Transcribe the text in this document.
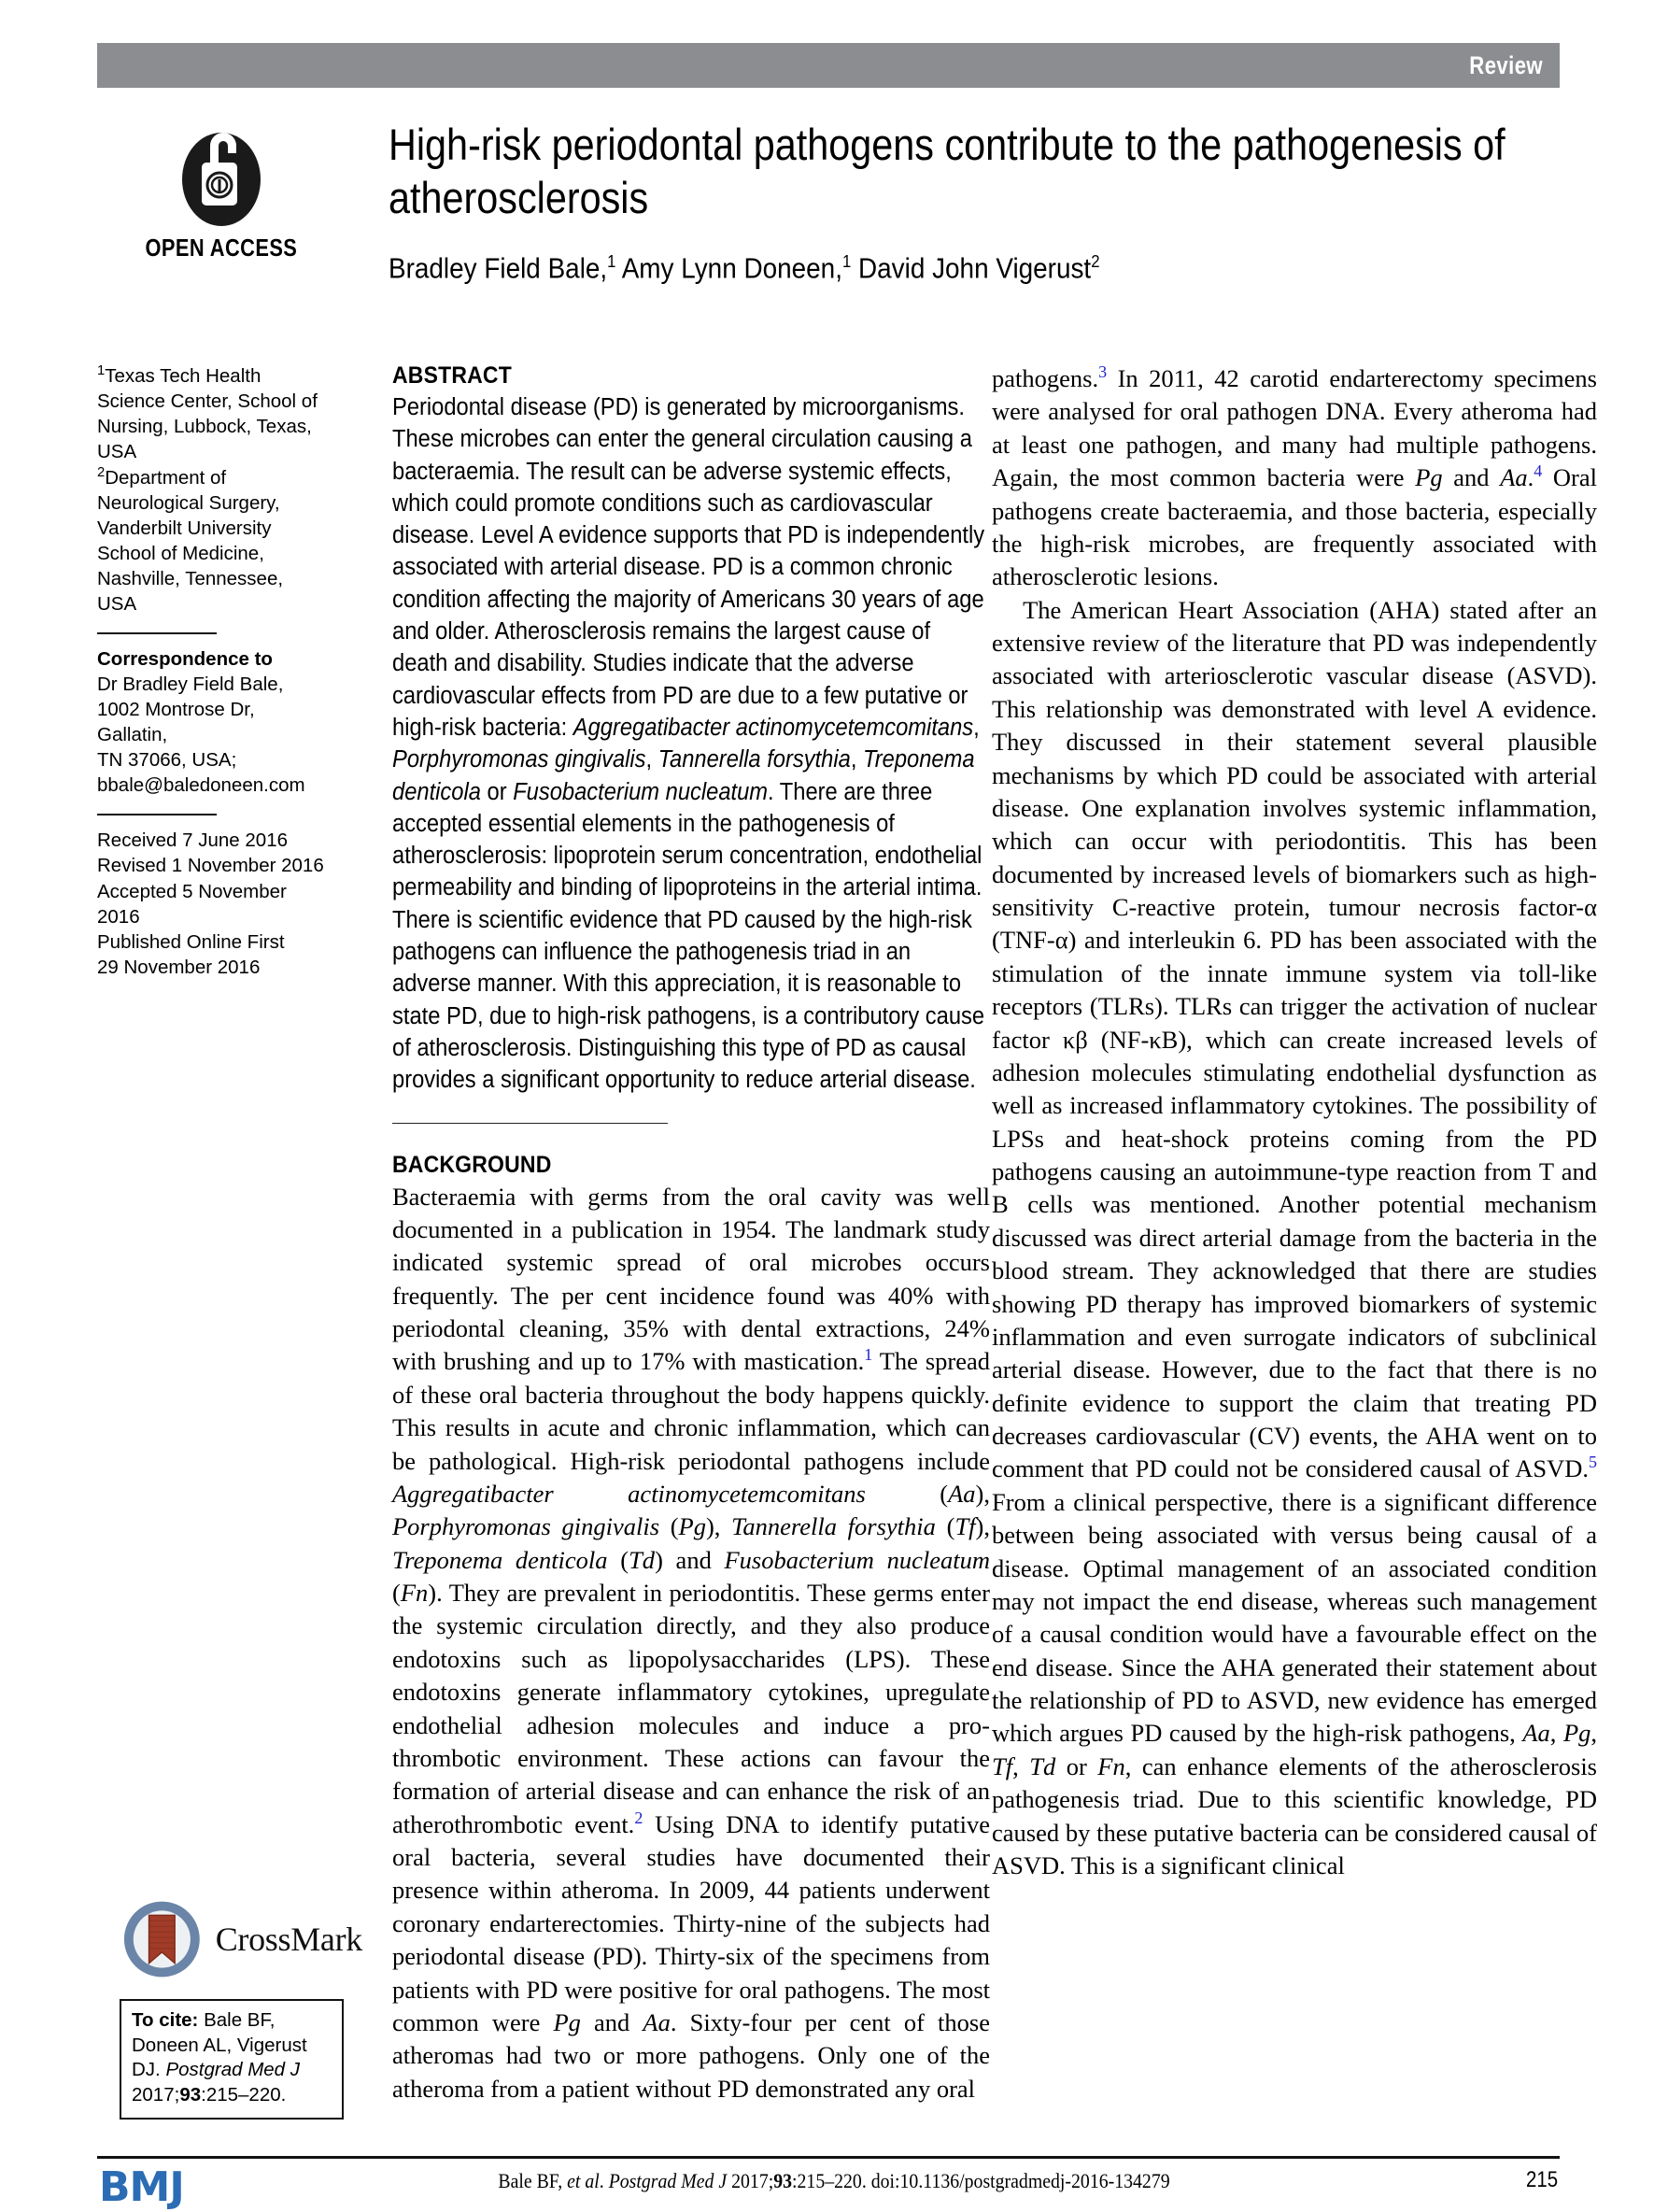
Review
OPEN ACCESS
High-risk periodontal pathogens contribute to the pathogenesis of atherosclerosis
Bradley Field Bale,$^1$ Amy Lynn Doneen,$^1$ David John Vigerust$^2$

$^1$Texas Tech Health Science Center, School of Nursing, Lubbock, Texas, USA
$^2$Department of Neurological Surgery, Vanderbilt University School of Medicine, Nashville, Tennessee, USA

Correspondence to

Dr Bradley Field Bale,
1002 Montrose Dr, Gallatin,
TN 37066, USA;
bbale@baledoneen.com

Received 7 June 2016
Revised 1 November 2016
Accepted 5 November 2016
Published Online First
29 November 2016

CrossMark
To cite: Bale BF, Doneen AL, Vigerust DJ. Postgrad Med J 2017;93:215–220.
ABSTRACT

Periodontal disease (PD) is generated by microorganisms. These microbes can enter the general circulation causing a bacteraemia. The result can be adverse systemic effects, which could promote conditions such as cardiovascular disease. Level A evidence supports that PD is independently associated with arterial disease. PD is a common chronic condition affecting the majority of Americans 30 years of age and older. Atherosclerosis remains the largest cause of death and disability. Studies indicate that the adverse cardiovascular effects from PD are due to a few putative or high-risk bacteria: Aggregatibacter actinomycetemcomitans, Porphyromonas gingivalis, Tannerella forsythia, Treponema denticola or Fusobacterium nucleatum. There are three accepted essential elements in the pathogenesis of atherosclerosis: lipoprotein serum concentration, endothelial permeability and binding of lipoproteins in the arterial intima. There is scientific evidence that PD caused by the high-risk pathogens can influence the pathogenesis triad in an adverse manner. With this appreciation, it is reasonable to state PD, due to high-risk pathogens, is a contributory cause of atherosclerosis. Distinguishing this type of PD as causal provides a significant opportunity to reduce arterial disease.

BACKGROUND

Bacteraemia with germs from the oral cavity was well documented in a publication in 1954. The landmark study indicated systemic spread of oral microbes occurs frequently. The per cent incidence found was 40% with periodontal cleaning, 35% with dental extractions, 24% with brushing and up to 17% with mastication.$^1$ The spread of these oral bacteria throughout the body happens quickly. This results in acute and chronic inflammation, which can be pathological. High-risk periodontal pathogens include Aggregatibacter actinomycetemcomitans (Aa), Porphyromonas gingivalis (Pg), Tannerella forsythia (Tf), Treponema denticola (Td) and Fusobacterium nucleatum (Fn). They are prevalent in periodontitis. These germs enter the systemic circulation directly, and they also produce endotoxins such as lipopolysaccharides (LPS). These endotoxins generate inflammatory cytokines, upregulate endothelial adhesion molecules and induce a pro-thrombotic environment. These actions can favour the formation of arterial disease and can enhance the risk of an atherothrombotic event.$^2$ Using DNA to identify putative oral bacteria, several studies have documented their presence within atheroma. In 2009, 44 patients underwent coronary endarterectomies. Thirty-nine of the subjects had periodontal disease (PD). Thirty-six of the specimens from patients with PD were positive for oral pathogens. The most common were Pg and Aa. Sixty-four per cent of those atheromas had two or more pathogens. Only one of the atheroma from a patient without PD demonstrated any oral

pathogens.$^3$ In 2011, 42 carotid endarterectomy specimens were analysed for oral pathogen DNA. Every atheroma had at least one pathogen, and many had multiple pathogens. Again, the most common bacteria were Pg and Aa.$^4$ Oral pathogens create bacteraemia, and those bacteria, especially the high-risk microbes, are frequently associated with atherosclerotic lesions.

The American Heart Association (AHA) stated after an extensive review of the literature that PD was independently associated with arteriosclerotic vascular disease (ASVD). This relationship was demonstrated with level A evidence. They discussed in their statement several plausible mechanisms by which PD could be associated with arterial disease. One explanation involves systemic inflammation, which can occur with periodontitis. This has been documented by increased levels of biomarkers such as high-sensitivity C-reactive protein, tumour necrosis factor-α (TNF-α) and interleukin 6. PD has been associated with the stimulation of the innate immune system via toll-like receptors (TLRs). TLRs can trigger the activation of nuclear factor κβ (NF-κB), which can create increased levels of adhesion molecules stimulating endothelial dysfunction as well as increased inflammatory cytokines. The possibility of LPSs and heat-shock proteins coming from the PD pathogens causing an autoimmune-type reaction from T and B cells was mentioned. Another potential mechanism discussed was direct arterial damage from the bacteria in the blood stream. They acknowledged that there are studies showing PD therapy has improved biomarkers of systemic inflammation and even surrogate indicators of subclinical arterial disease. However, due to the fact that there is no definite evidence to support the claim that treating PD decreases cardiovascular (CV) events, the AHA went on to comment that PD could not be considered causal of ASVD.$^5$ From a clinical perspective, there is a significant difference between being associated with versus being causal of a disease. Optimal management of an associated condition may not impact the end disease, whereas such management of a causal condition would have a favourable effect on the end disease. Since the AHA generated their statement about the relationship of PD to ASVD, new evidence has emerged which argues PD caused by the high-risk pathogens, Aa, Pg, Tf, Td or Fn, can enhance elements of the atherosclerosis pathogenesis triad. Due to this scientific knowledge, PD caused by these putative bacteria can be considered causal of ASVD. This is a significant clinical

BMJ	Bale BF, et al. Postgrad Med J 2017;93:215–220. doi:10.1136/postgradmedj-2016-134279	215
